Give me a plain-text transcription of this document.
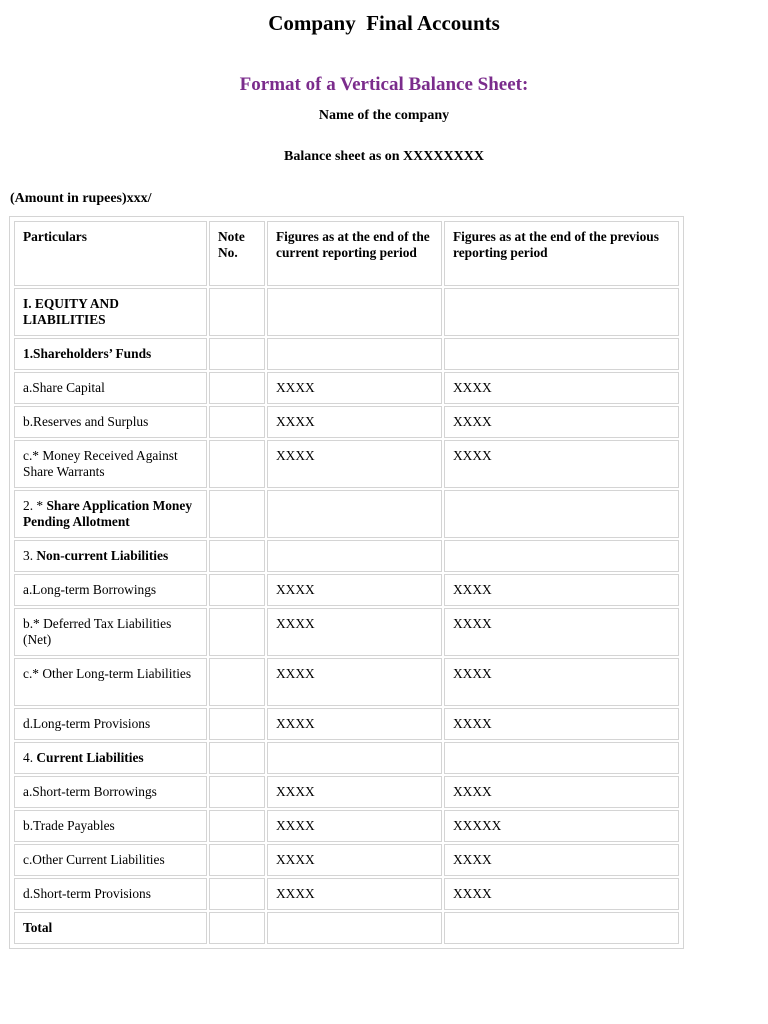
Company  Final Accounts
Format of a Vertical Balance Sheet:
Name of the company
Balance sheet as on XXXXXXXX
(Amount in rupees)xxx/
Particulars	Note No.	Figures as at the end of the current reporting period	Figures as at the end of the previous reporting period
I. EQUITY AND LIABILITIES			
1.Shareholders’ Funds			
a.Share Capital		XXXX	XXXX
b.Reserves and Surplus		XXXX	XXXX
c.* Money Received Against Share Warrants		XXXX	XXXX
2. * Share Application Money Pending Allotment			
3. Non-current Liabilities			
a.Long-term Borrowings		XXXX	XXXX
b.* Deferred Tax Liabilities (Net)		XXXX	XXXX
c.* Other Long-term Liabilities		XXXX	XXXX
d.Long-term Provisions		XXXX	XXXX
4. Current Liabilities			
a.Short-term Borrowings		XXXX	XXXX
b.Trade Payables		XXXX	XXXXX
c.Other Current Liabilities		XXXX	XXXX
d.Short-term Provisions		XXXX	XXXX
Total			
